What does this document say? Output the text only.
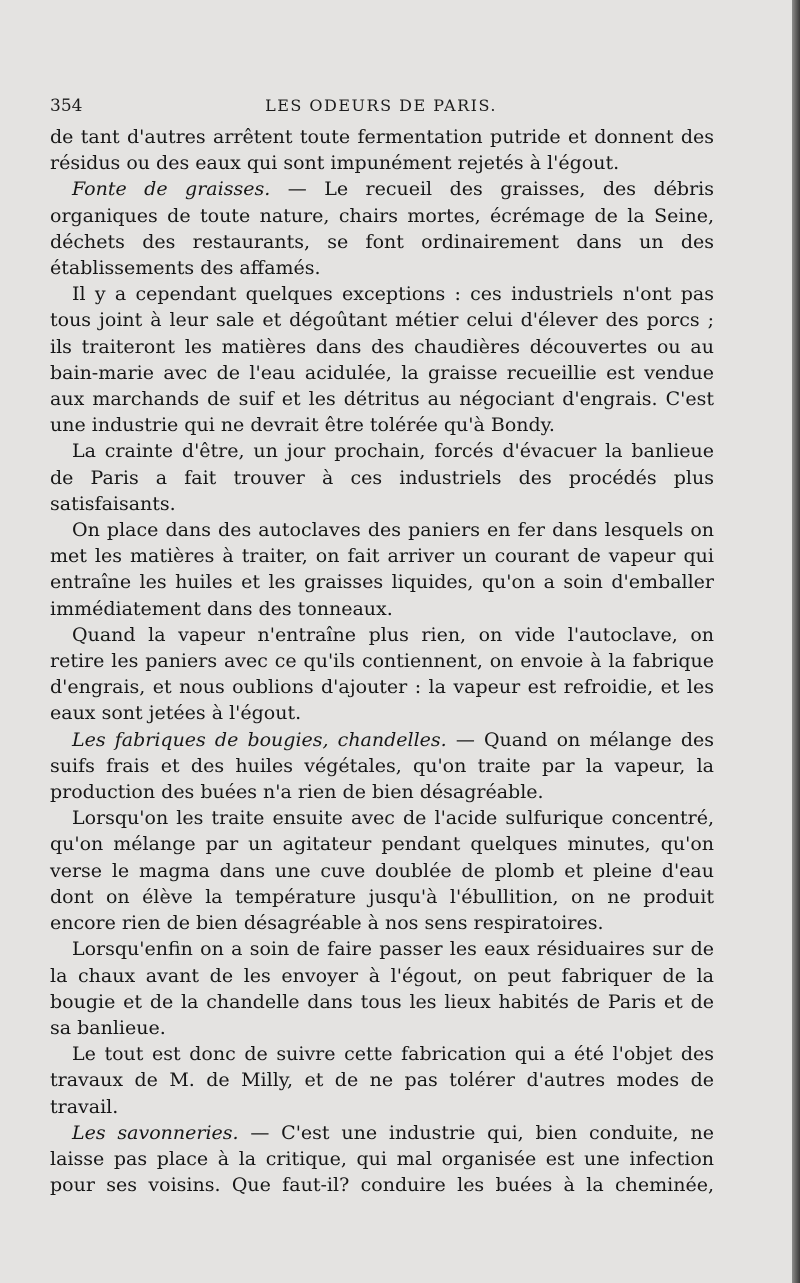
354	LES ODEURS DE PARIS.

de tant d'autres arrêtent toute fermentation putride et donnent des résidus ou des eaux qui sont impunément rejetés à l'égout.

Fonte de graisses. — Le recueil des graisses, des débris organiques de toute nature, chairs mortes, écrémage de la Seine, déchets des restaurants, se font ordinairement dans un des établissements des affamés.

Il y a cependant quelques exceptions : ces industriels n'ont pas tous joint à leur sale et dégoûtant métier celui d'élever des porcs ; ils traiteront les matières dans des chaudières découvertes ou au bain-marie avec de l'eau acidulée, la graisse recueillie est vendue aux marchands de suif et les détritus au négociant d'engrais. C'est une industrie qui ne devrait être tolérée qu'à Bondy.

La crainte d'être, un jour prochain, forcés d'évacuer la banlieue de Paris a fait trouver à ces industriels des procédés plus satisfaisants.

On place dans des autoclaves des paniers en fer dans lesquels on met les matières à traiter, on fait arriver un courant de vapeur qui entraîne les huiles et les graisses liquides, qu'on a soin d'emballer immédiatement dans des tonneaux.

Quand la vapeur n'entraîne plus rien, on vide l'autoclave, on retire les paniers avec ce qu'ils contiennent, on envoie à la fabrique d'engrais, et nous oublions d'ajouter : la vapeur est refroidie, et les eaux sont jetées à l'égout.

Les fabriques de bougies, chandelles. — Quand on mélange des suifs frais et des huiles végétales, qu'on traite par la vapeur, la production des buées n'a rien de bien désagréable.

Lorsqu'on les traite ensuite avec de l'acide sulfurique concentré, qu'on mélange par un agitateur pendant quelques minutes, qu'on verse le magma dans une cuve doublée de plomb et pleine d'eau dont on élève la température jusqu'à l'ébullition, on ne produit encore rien de bien désagréable à nos sens respiratoires.

Lorsqu'enfin on a soin de faire passer les eaux résiduaires sur de la chaux avant de les envoyer à l'égout, on peut fabriquer de la bougie et de la chandelle dans tous les lieux habités de Paris et de sa banlieue.

Le tout est donc de suivre cette fabrication qui a été l'objet des travaux de M. de Milly, et de ne pas tolérer d'autres modes de travail.

Les savonneries. — C'est une industrie qui, bien conduite, ne laisse pas place à la critique, qui mal organisée est une infection pour ses voisins. Que faut-il? conduire les buées à la cheminée,
